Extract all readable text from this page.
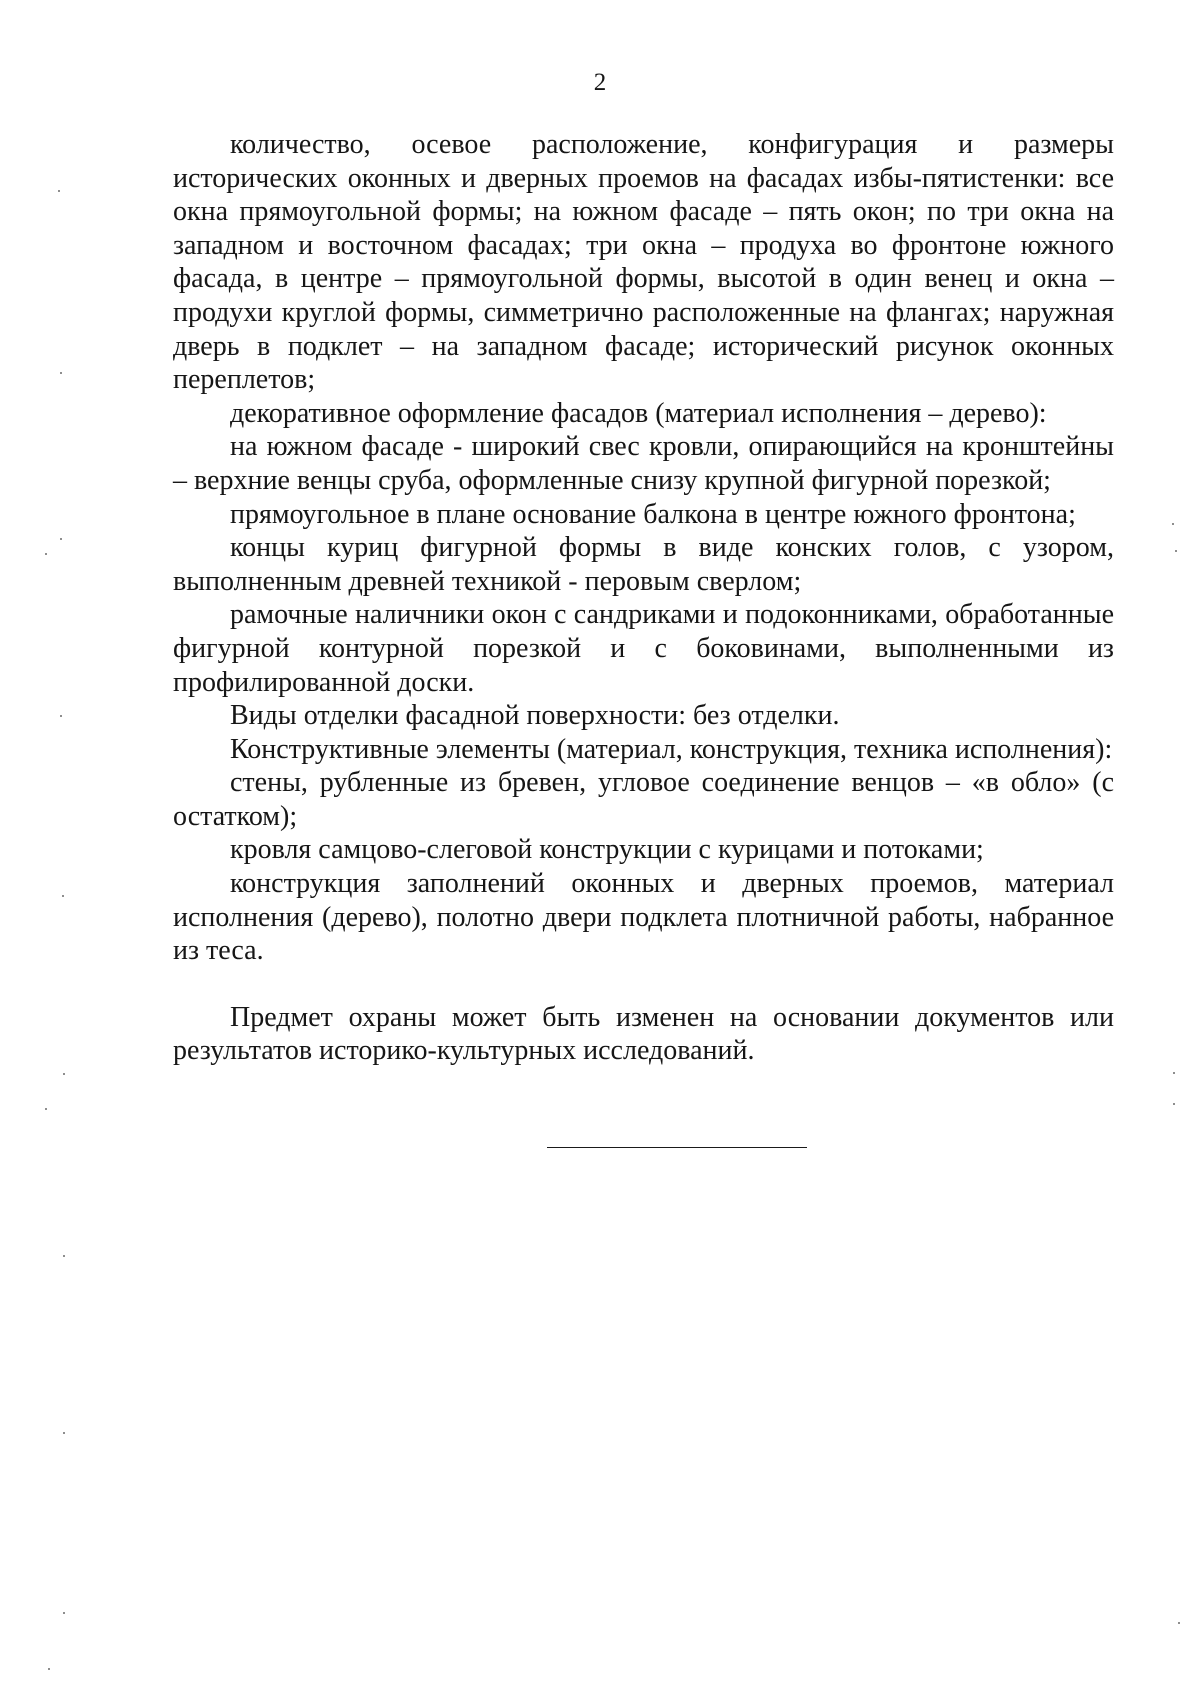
2

количество, осевое расположение, конфигурация и размеры исторических оконных и дверных проемов на фасадах избы-пятистенки: все окна прямоугольной формы; на южном фасаде – пять окон; по три окна на западном и восточном фасадах; три окна – продуха во фронтоне южного фасада, в центре – прямоугольной формы, высотой в один венец и окна – продухи круглой формы, симметрично расположенные на флангах; наружная дверь в подклет – на западном фасаде; исторический рисунок оконных переплетов;

декоративное оформление фасадов (материал исполнения – дерево):

на южном фасаде - широкий свес кровли, опирающийся на кронштейны – верхние венцы сруба, оформленные снизу крупной фигурной порезкой;

прямоугольное в плане основание балкона в центре южного фронтона;

концы куриц фигурной формы в виде конских голов, с узором, выполненным древней техникой - перовым сверлом;

рамочные наличники окон с сандриками и подоконниками, обработанные фигурной контурной порезкой и с боковинами, выполненными из профилированной доски.

Виды отделки фасадной поверхности: без отделки.

Конструктивные элементы (материал, конструкция, техника исполнения):

стены, рубленные из бревен, угловое соединение венцов – «в обло» (с остатком);

кровля самцово-слеговой конструкции с курицами и потоками;

конструкция заполнений оконных и дверных проемов, материал исполнения (дерево), полотно двери подклета плотничной работы, набранное из теса.

Предмет охраны может быть изменен на основании документов или результатов историко-культурных исследований.
